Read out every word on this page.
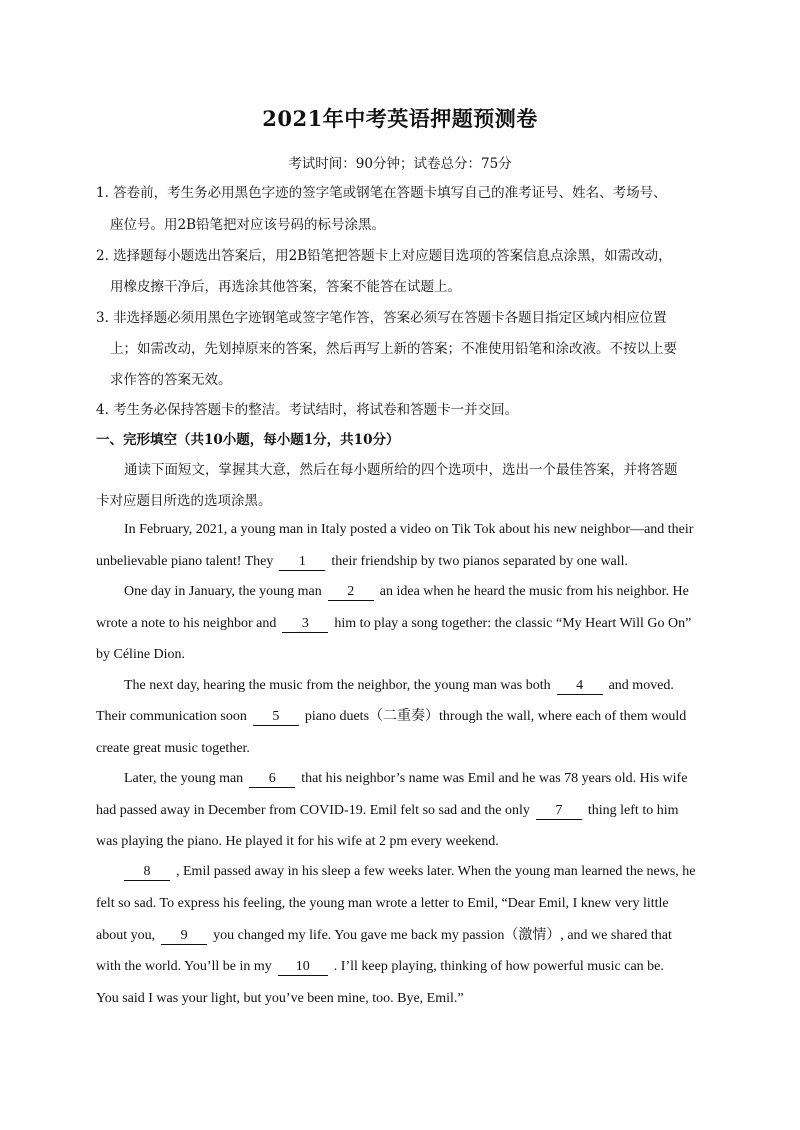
2021年中考英语押题预测卷
考试时间：90分钟；试卷总分：75分
1. 答卷前，考生务必用黑色字迹的签字笔或钢笔在答题卡填写自己的准考证号、姓名、考场号、
座位号。用2B铅笔把对应该号码的标号涂黑。
2. 选择题每小题选出答案后，用2B铅笔把答题卡上对应题目选项的答案信息点涂黑，如需改动，
用橡皮擦干净后，再选涂其他答案，答案不能答在试题上。
3. 非选择题必须用黑色字迹钢笔或签字笔作答，答案必须写在答题卡各题目指定区域内相应位置
上；如需改动，先划掉原来的答案，然后再写上新的答案；不准使用铅笔和涂改液。不按以上要
求作答的答案无效。
4. 考生务必保持答题卡的整洁。考试结时，将试卷和答题卡一并交回。
一、完形填空（共10小题，每小题1分，共10分）
通读下面短文，掌握其大意，然后在每小题所给的四个选项中，选出一个最佳答案，并将答题
卡对应题目所选的选项涂黑。
In February, 2021, a young man in Italy posted a video on Tik Tok about his new neighbor—and their
unbelievable piano talent! They 1 their friendship by two pianos separated by one wall.
One day in January, the young man 2 an idea when he heard the music from his neighbor. He
wrote a note to his neighbor and 3 him to play a song together: the classic “My Heart Will Go On”
by Céline Dion.
The next day, hearing the music from the neighbor, the young man was both 4 and moved.
Their communication soon 5 piano duets（二重奏）through the wall, where each of them would
create great music together.
Later, the young man 6 that his neighbor’s name was Emil and he was 78 years old. His wife
had passed away in December from COVID-19. Emil felt so sad and the only 7 thing left to him
was playing the piano. He played it for his wife at 2 pm every weekend.
8 , Emil passed away in his sleep a few weeks later. When the young man learned the news, he
felt so sad. To express his feeling, the young man wrote a letter to Emil, “Dear Emil, I knew very little
about you, 9 you changed my life. You gave me back my passion（激情）, and we shared that
with the world. You’ll be in my 10 . I’ll keep playing, thinking of how powerful music can be.
You said I was your light, but you’ve been mine, too. Bye, Emil.”
